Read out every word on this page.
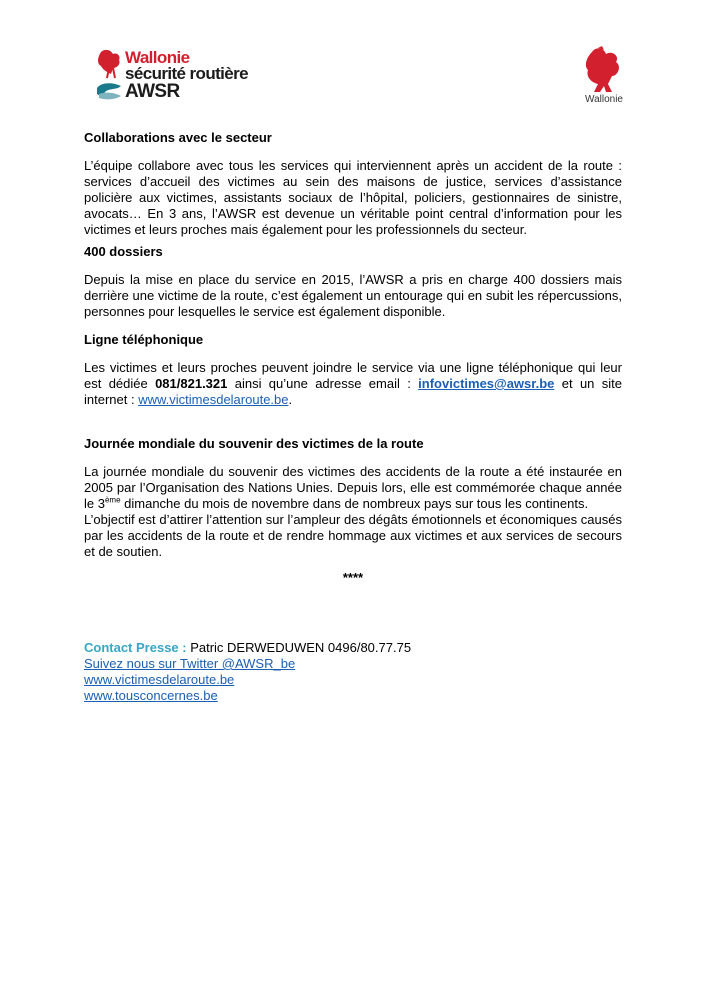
Wallonie
sécurité routière
AWSR	Wallonie
Collaborations avec le secteur

L’équipe collabore avec tous les services qui interviennent après un accident de la route : services d’accueil des victimes au sein des maisons de justice, services d’assistance policière aux victimes, assistants sociaux de l’hôpital, policiers, gestionnaires de sinistre, avocats… En 3 ans, l’AWSR est devenue un véritable point central d’information pour les victimes et leurs proches mais également pour les professionnels du secteur.

400 dossiers

Depuis la mise en place du service en 2015, l’AWSR a pris en charge 400 dossiers mais derrière une victime de la route, c’est également un entourage qui en subit les répercussions, personnes pour lesquelles le service est également disponible.

Ligne téléphonique

Les victimes et leurs proches peuvent joindre le service via une ligne téléphonique qui leur est dédiée 081/821.321 ainsi qu’une adresse email : infovictimes@awsr.be et un site internet : www.victimesdelaroute.be.

Journée mondiale du souvenir des victimes de la route

La journée mondiale du souvenir des victimes des accidents de la route a été instaurée en 2005 par l’Organisation des Nations Unies. Depuis lors, elle est commémorée chaque année le 3ème dimanche du mois de novembre dans de nombreux pays sur tous les continents.

L’objectif est d’attirer l’attention sur l’ampleur des dégâts émotionnels et économiques causés par les accidents de la route et de rendre hommage aux victimes et aux services de secours et de soutien.

****
Contact Presse : Patric DERWEDUWEN 0496/80.77.75
Suivez nous sur Twitter @AWSR_be
www.victimesdelaroute.be
www.tousconcernes.be
